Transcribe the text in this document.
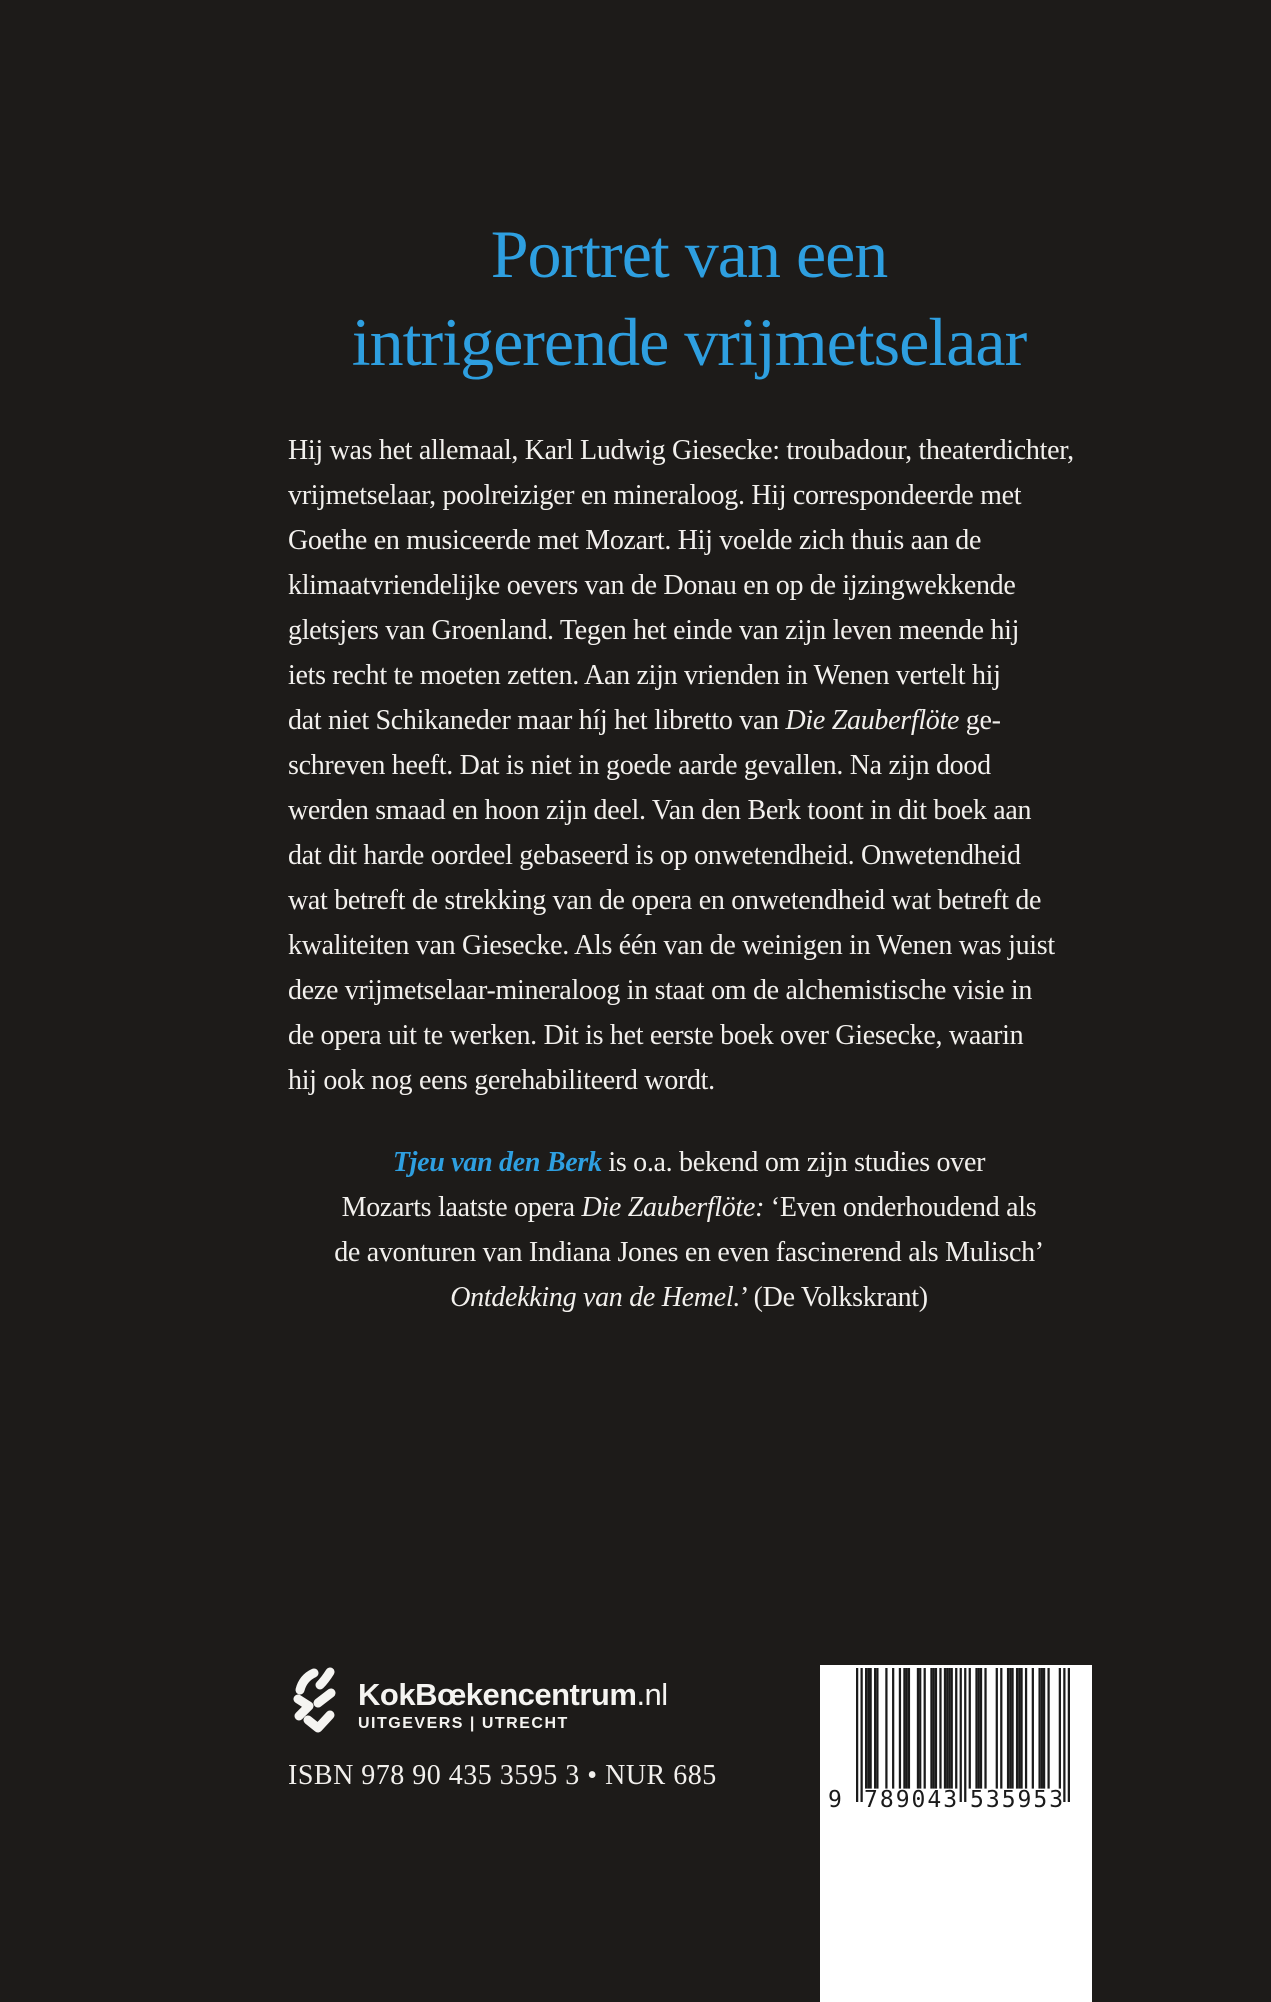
Portret van een
intrigerende vrijmetselaar
Hij was het allemaal, Karl Ludwig Giesecke: troubadour, theaterdichter,
vrijmetselaar, poolreiziger en mineraloog. Hij correspondeerde met
Goethe en musiceerde met Mozart. Hij voelde zich thuis aan de
klimaatvriendelijke oevers van de Donau en op de ijzingwekkende
gletsjers van Groenland. Tegen het einde van zijn leven meende hij
iets recht te moeten zetten. Aan zijn vrienden in Wenen vertelt hij
dat niet Schikaneder maar híj het libretto van Die Zauberflöte ge-
schreven heeft. Dat is niet in goede aarde gevallen. Na zijn dood
werden smaad en hoon zijn deel. Van den Berk toont in dit boek aan
dat dit harde oordeel gebaseerd is op onwetendheid. Onwetendheid
wat betreft de strekking van de opera en onwetendheid wat betreft de
kwaliteiten van Giesecke. Als één van de weinigen in Wenen was juist
deze vrijmetselaar-mineraloog in staat om de alchemistische visie in
de opera uit te werken. Dit is het eerste boek over Giesecke, waarin
hij ook nog eens gerehabiliteerd wordt.
Tjeu van den Berk is o.a. bekend om zijn studies over
Mozarts laatste opera Die Zauberflöte: ‘Even onderhoudend als
de avonturen van Indiana Jones en even fascinerend als Mulisch’
Ontdekking van de Hemel.’ (De Volkskrant)
KokBœkencentrum.nl
UITGEVERS | UTRECHT
ISBN 978 90 435 3595 3 • NUR 685
9 789043 535953
